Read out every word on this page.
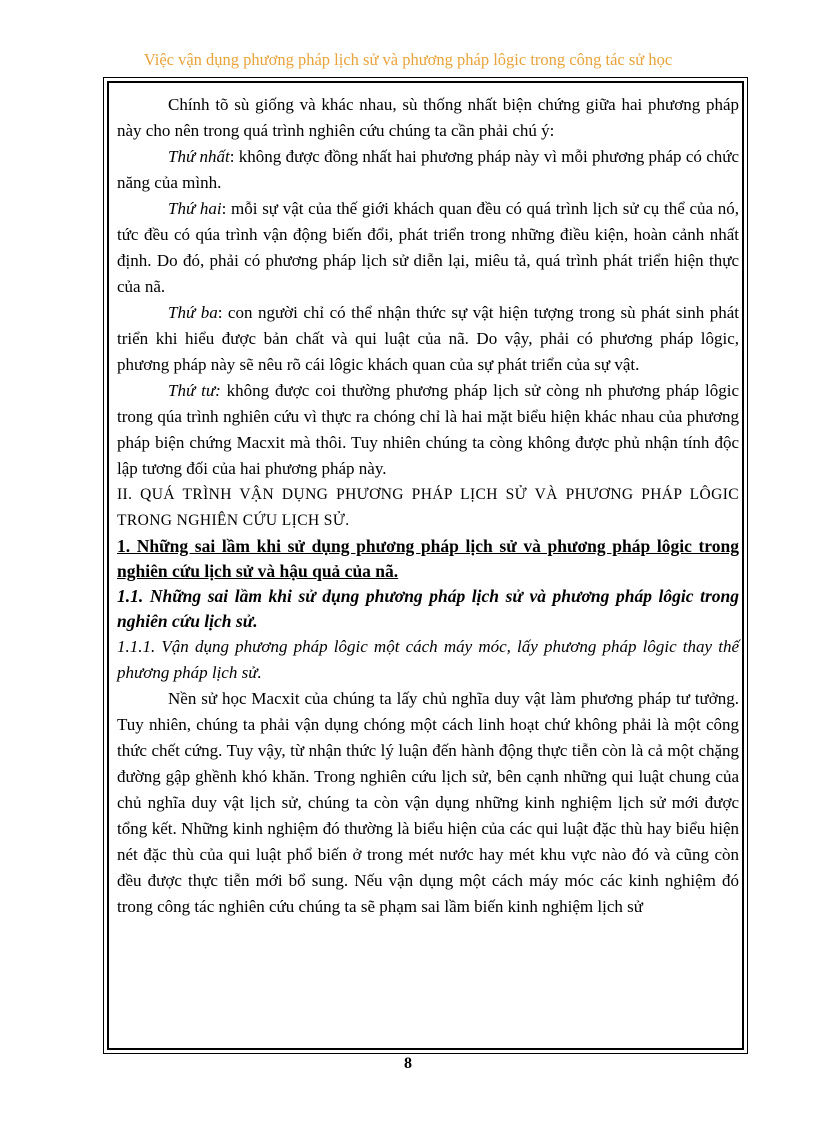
Việc vận dụng phương pháp lịch sử và phương pháp lôgic trong công tác sử học

Chính tõ sù giống và khác nhau, sù thống nhất biện chứng giữa hai phương pháp này cho nên trong quá trình nghiên cứu chúng ta cần phải chú ý:

Thứ nhất: không được đồng nhất hai phương pháp này vì mỗi phương pháp có chức năng của mình.

Thứ hai: mỗi sự vật của thế giới khách quan đều có quá trình lịch sử cụ thể của nó, tức đều có qúa trình vận động biến đổi, phát triển trong những điều kiện, hoàn cảnh nhất định. Do đó, phải có phương pháp lịch sử diễn lại, miêu tả, quá trình phát triển hiện thực của nã.

Thứ ba: con người chỉ có thể nhận thức sự vật hiện tượng trong sù phát sinh phát triển khi hiểu được bản chất và qui luật của nã. Do vậy, phải có phương pháp lôgic, phương pháp này sẽ nêu rõ cái lôgic khách quan của sự phát triển của sự vật.

Thứ tư: không được coi thường phương pháp lịch sử còng nh phương pháp lôgic trong qúa trình nghiên cứu vì thực ra chóng chỉ là hai mặt biểu hiện khác nhau của phương pháp biện chứng Macxit mà thôi. Tuy nhiên chúng ta còng không được phủ nhận tính độc lập tương đối của hai phương pháp này.

II. QUÁ TRÌNH VẬN DỤNG PHƯƠNG PHÁP LỊCH SỬ VÀ PHƯƠNG PHÁP LÔGIC TRONG NGHIÊN CỨU LỊCH SỬ.

1. Những sai lầm khi sử dụng phương pháp lịch sử và phương pháp lôgic trong nghiên cứu lịch sử và hậu quả của nã.

1.1. Những sai lầm khi sử dụng phương pháp lịch sử và phương pháp lôgic trong nghiên cứu lịch sử.

1.1.1. Vận dụng phương pháp lôgic một cách máy móc, lấy phương pháp lôgic thay thế phương pháp lịch sử.

Nền sử học Macxit của chúng ta lấy chủ nghĩa duy vật làm phương pháp tư tưởng. Tuy nhiên, chúng ta phải vận dụng chóng một cách linh hoạt chứ không phải là một công thức chết cứng. Tuy vậy, từ nhận thức lý luận đến hành động thực tiễn còn là cả một chặng đường gập ghềnh khó khăn. Trong nghiên cứu lịch sử, bên cạnh những qui luật chung của chủ nghĩa duy vật lịch sử, chúng ta còn vận dụng những kinh nghiệm lịch sử mới được tổng kết. Những kinh nghiệm đó thường là biểu hiện của các qui luật đặc thù hay biểu hiện nét đặc thù của qui luật phổ biến ở trong mét nước hay mét khu vực nào đó và cũng còn đều được thực tiễn mới bổ sung. Nếu vận dụng một cách máy móc các kinh nghiệm đó trong công tác nghiên cứu chúng ta sẽ phạm sai lầm biến kinh nghiệm lịch sử

8
